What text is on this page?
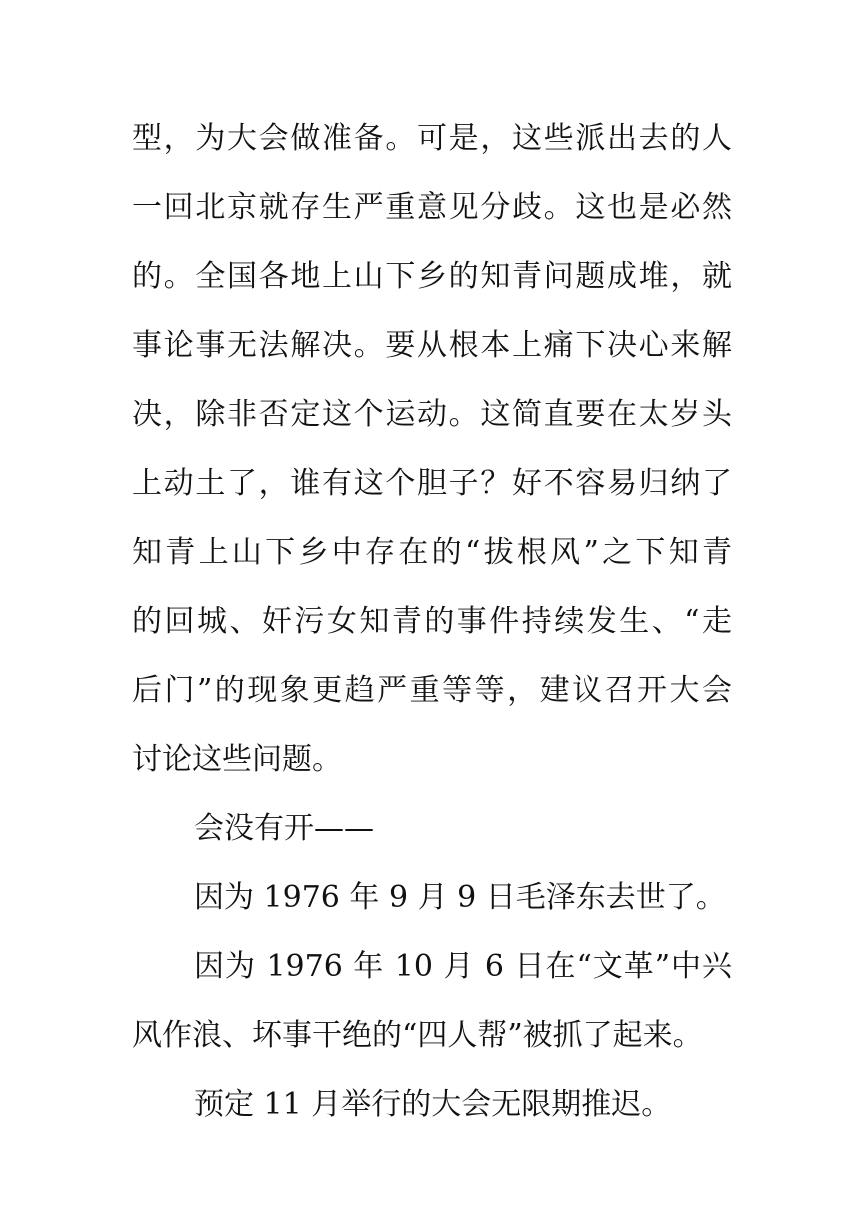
型，为大会做准备。可是，这些派出去的人
一回北京就存生严重意见分歧。这也是必然
的。全国各地上山下乡的知青问题成堆，就
事论事无法解决。要从根本上痛下决心来解
决，除非否定这个运动。这简直要在太岁头
上动土了，谁有这个胆子？好不容易归纳了
知青上山下乡中存在的“拔根风”之下知青
的回城、奸污女知青的事件持续发生、“走
后门”的现象更趋严重等等，建议召开大会
讨论这些问题。
会没有开——
因为 1976 年 9 月 9 日毛泽东去世了。
因为 1976 年 10 月 6 日在“文革”中兴
风作浪、坏事干绝的“四人帮”被抓了起来。
预定 11 月举行的大会无限期推迟。
